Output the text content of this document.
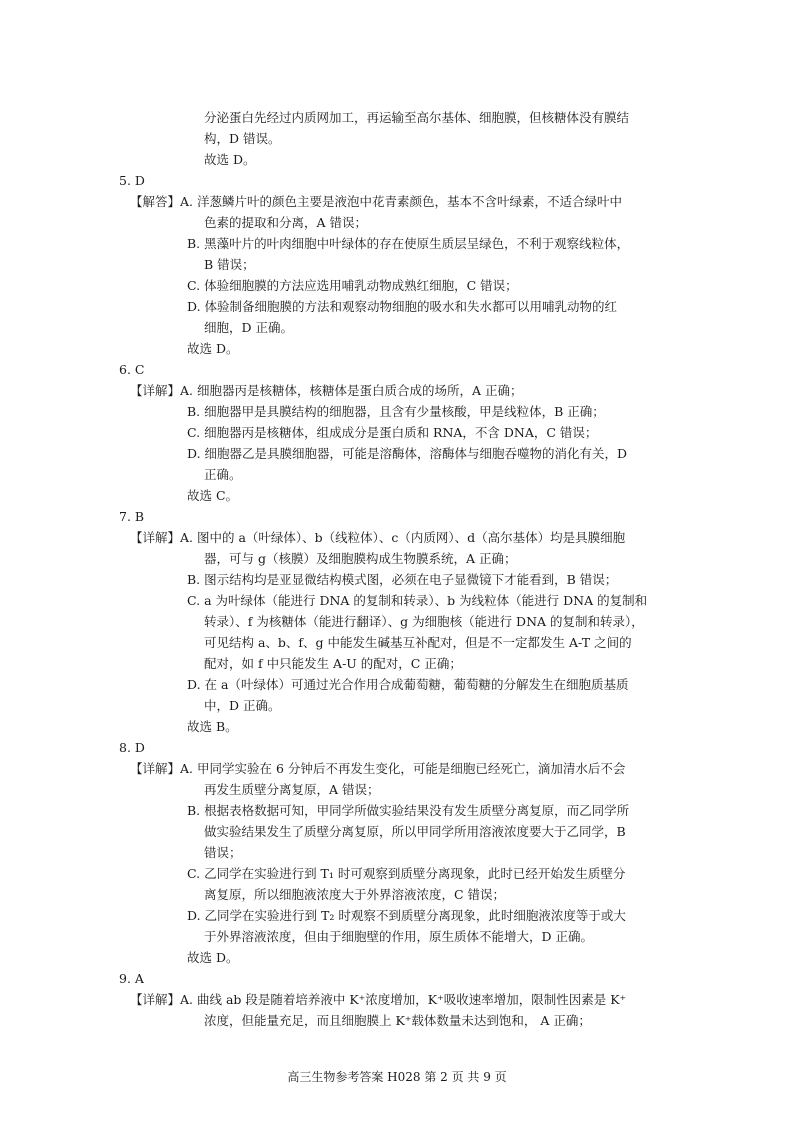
分泌蛋白先经过内质网加工，再运输至高尔基体、细胞膜，但核糖体没有膜结
构，D 错误。
故选 D。
5. D
【解答】A. 洋葱鳞片叶的颜色主要是液泡中花青素颜色，基本不含叶绿素，不适合绿叶中
色素的提取和分离，A 错误；
B. 黑藻叶片的叶肉细胞中叶绿体的存在使原生质层呈绿色，不利于观察线粒体，
B 错误；
C. 体验细胞膜的方法应选用哺乳动物成熟红细胞，C 错误；
D. 体验制备细胞膜的方法和观察动物细胞的吸水和失水都可以用哺乳动物的红
细胞，D 正确。
故选 D。
6. C
【详解】A. 细胞器丙是核糖体，核糖体是蛋白质合成的场所，A 正确；
B. 细胞器甲是具膜结构的细胞器，且含有少量核酸，甲是线粒体，B 正确；
C. 细胞器丙是核糖体，组成成分是蛋白质和 RNA，不含 DNA，C 错误；
D. 细胞器乙是具膜细胞器，可能是溶酶体，溶酶体与细胞吞噬物的消化有关，D
正确。
故选 C。
7. B
【详解】A. 图中的 a（叶绿体）、b（线粒体）、c（内质网）、d（高尔基体）均是具膜细胞
器，可与 g（核膜）及细胞膜构成生物膜系统，A 正确；
B. 图示结构均是亚显微结构模式图，必须在电子显微镜下才能看到，B 错误；
C. a 为叶绿体（能进行 DNA 的复制和转录）、b 为线粒体（能进行 DNA 的复制和
转录）、f 为核糖体（能进行翻译）、g 为细胞核（能进行 DNA 的复制和转录），
可见结构 a、b、f、g 中能发生碱基互补配对，但是不一定都发生 A-T 之间的
配对，如 f 中只能发生 A-U 的配对，C 正确；
D. 在 a（叶绿体）可通过光合作用合成葡萄糖，葡萄糖的分解发生在细胞质基质
中，D 正确。
故选 B。
8. D
【详解】A. 甲同学实验在 6 分钟后不再发生变化，可能是细胞已经死亡，滴加清水后不会
再发生质壁分离复原，A 错误；
B. 根据表格数据可知，甲同学所做实验结果没有发生质壁分离复原，而乙同学所
做实验结果发生了质壁分离复原，所以甲同学所用溶液浓度要大于乙同学，B
错误；
C. 乙同学在实验进行到 T₁ 时可观察到质壁分离现象，此时已经开始发生质壁分
离复原，所以细胞液浓度大于外界溶液浓度，C 错误；
D. 乙同学在实验进行到 T₂ 时观察不到质壁分离现象，此时细胞液浓度等于或大
于外界溶液浓度，但由于细胞壁的作用，原生质体不能增大，D 正确。
故选 D。
9. A
【详解】A. 曲线 ab 段是随着培养液中 K⁺浓度增加，K⁺吸收速率增加，限制性因素是 K⁺
浓度，但能量充足，而且细胞膜上 K⁺载体数量未达到饱和， A 正确；
高三生物参考答案 H028 第 2 页 共 9 页
